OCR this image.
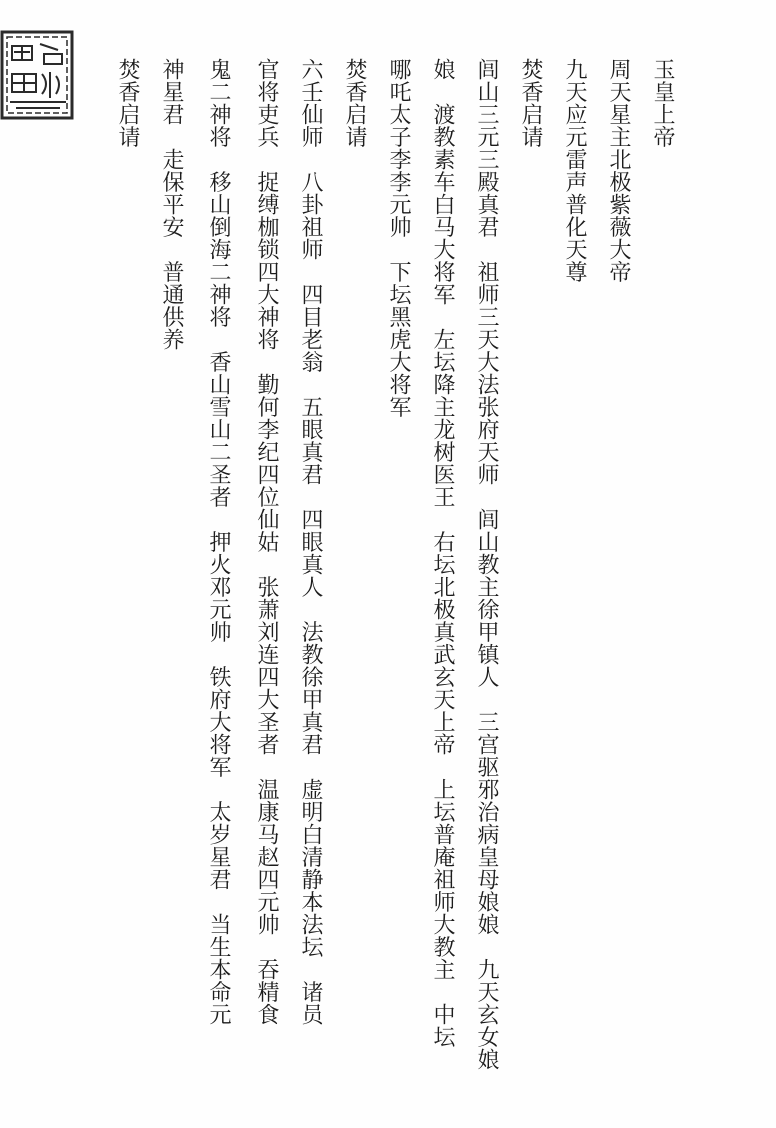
玉皇上帝
周天星主北极紫薇大帝
九天应元雷声普化天尊
焚香启请
闾山三元三殿真君　祖师三天大法张府天师　闾山教主徐甲镇人　三宫驱邪治病皇母娘娘　九天玄女娘
娘　渡教素车白马大将军　左坛降主龙树医王　右坛北极真武玄天上帝　上坛普庵祖师大教主　中坛
哪吒太子李李元帅　下坛黑虎大将军
焚香启请
六壬仙师　八卦祖师　四目老翁　五眼真君　四眼真人　法教徐甲真君　虚明白清静本法坛　诸员
官将吏兵　捉缚枷锁四大神将　勤何李纪四位仙姑　张萧刘连四大圣者　温康马赵四元帅　吞精食
鬼二神将　移山倒海二神将　香山雪山二圣者　押火邓元帅　铁府大将军　太岁星君　当生本命元
神星君　走保平安　普通供养
焚香启请
